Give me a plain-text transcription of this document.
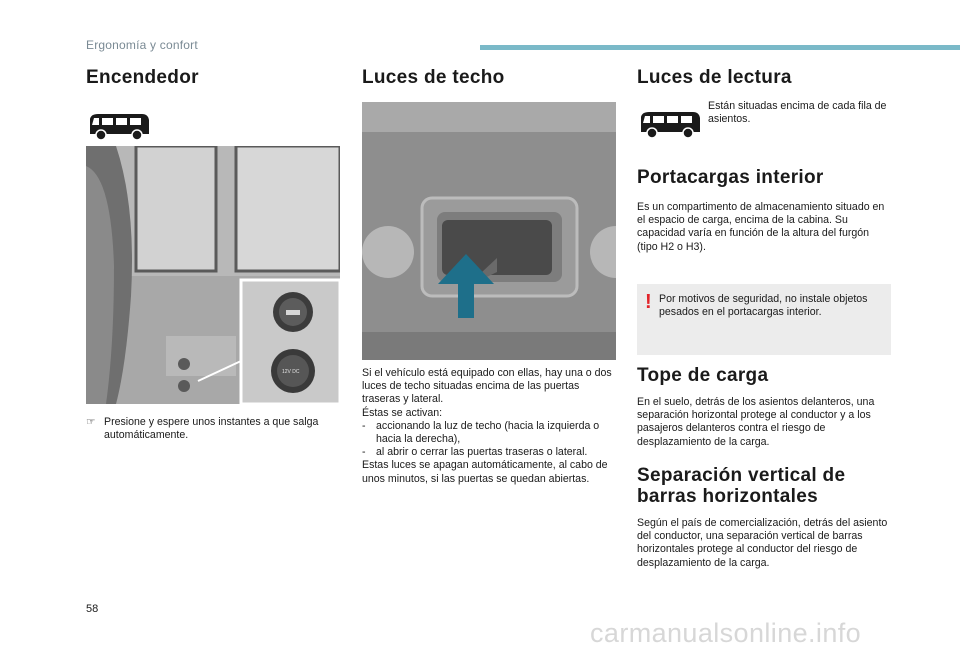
Ergonomía y confort
Encendedor
12V DC
☞ Presione y espere unos instantes a que salga automáticamente.
Luces de techo

Si el vehículo está equipado con ellas, hay una o dos luces de techo situadas encima de las puertas traseras y lateral.

Éstas se activan:

- accionando la luz de techo (hacia la izquierda o hacia la derecha),
- al abrir o cerrar las puertas traseras o lateral.

Estas luces se apagan automáticamente, al cabo de unos minutos, si las puertas se quedan abiertas.

Luces de lectura
Están situadas encima de cada fila de asientos.
Portacargas interior
Es un compartimento de almacenamiento situado en el espacio de carga, encima de la cabina. Su capacidad varía en función de la altura del furgón (tipo H2 o H3).
! Por motivos de seguridad, no instale objetos pesados en el portacargas interior.
Tope de carga
En el suelo, detrás de los asientos delanteros, una separación horizontal protege al conductor y a los pasajeros delanteros contra el riesgo de desplazamiento de la carga.
Separación vertical de
barras horizontales
Según el país de comercialización, detrás del asiento del conductor, una separación vertical de barras horizontales protege al conductor del riesgo de desplazamiento de la carga.
58
carmanualsonline.info
